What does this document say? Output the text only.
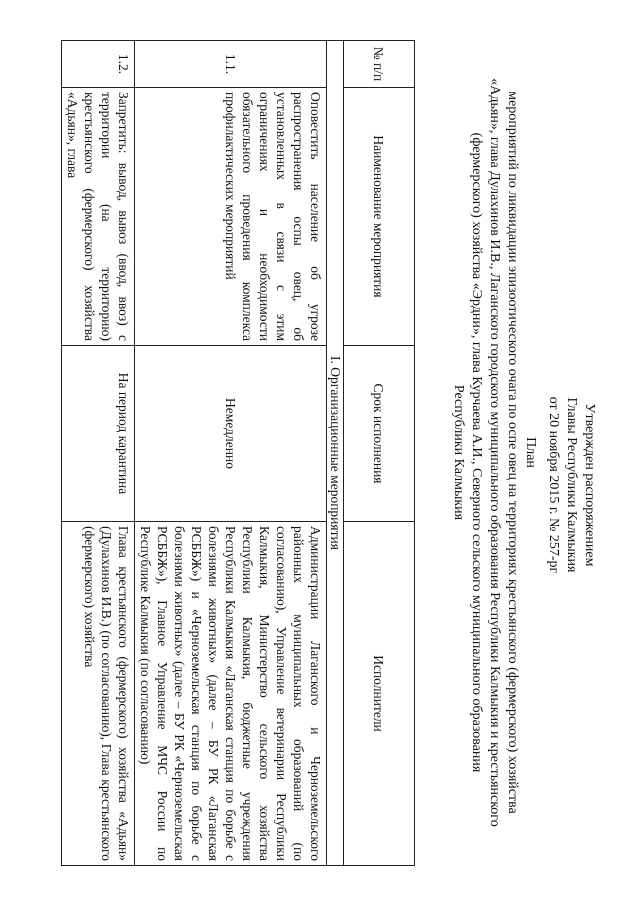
Утвержден распоряжением
Главы Республики Калмыкия
от 20 ноября 2015 г. № 257-рг
План
мероприятий по ликвидации эпизоотического очага по оспе овец на территориях крестьянского (фермерского) хозяйства
«Адьян», глава Дулахинов И.В., Лаганского городского муниципального образования Республики Калмыкия и крестьянского
(фермерского) хозяйства «Эрдни», глава Курчаева А.И., Северного сельского муниципального образования
Республики Калмыкия
№ п/п	Наименование мероприятия	Срок исполнения	Исполнители
I. Организационные мероприятия			
1.1.	Оповестить население об угрозе распространения оспы овец, об установленных в связи с этим ограничениях и необходимости обязательного проведения комплекса профилактических мероприятий	Немедленно	Администрации Лаганского и Черноземельского районных муниципальных образований (по согласованию), Управление ветеринарии Республики Калмыкия, Министерство сельского хозяйства Республики Калмыкия, бюджетные учреждения Республики Калмыкия «Лаганская станция по борьбе с болезнями животных» (далее – БУ РК «Лаганская РСББЖ») и «Черноземельская станция по борьбе с болезнями животных» (далее – БУ РК «Черноземельская РСББЖ»), Главное Управление МЧС России по Республике Калмыкия (по согласованию)
1.2.	Запретить: вывод, вывоз (ввод, ввоз) с территории (на территорию) крестьянского (фермерского) хозяйства «Адьян», глава	На период карантина	Глава крестьянского (фермерского) хозяйства «Адьян» (Дулахинов И.В.) (по согласованию), Глава крестьянского (фермерского) хозяйства
